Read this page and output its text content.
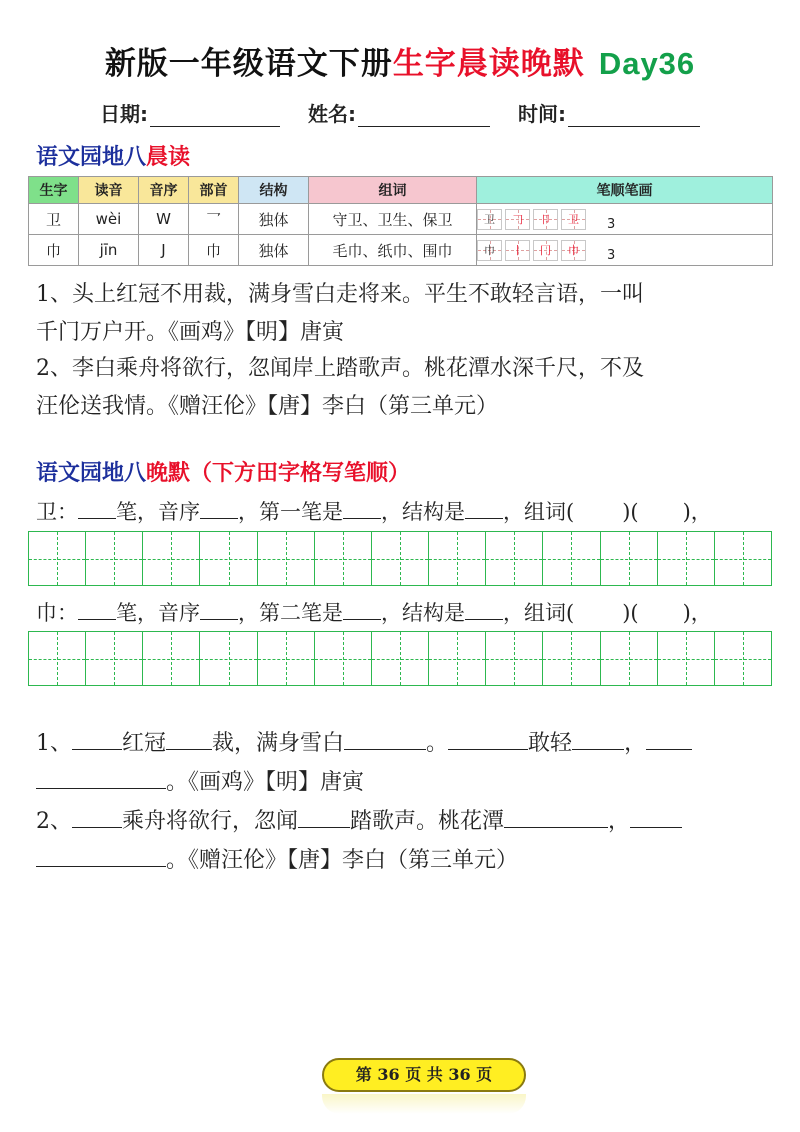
新版一年级语文下册生字晨读晚默 Day36
日期:	姓名:	时间:
语文园地八晨读
生字	读音	音序	部首	结构	组词	笔顺笔画
卫	wèi	W	乛	独体	守卫、卫生、保卫	卫 𠃌 卩 卫 3

巾	jīn	J	巾	独体	毛巾、纸巾、围巾	巾 丨 冂 巾 3
1、头上红冠不用裁，满身雪白走将来。平生不敢轻言语，一叫
千门万户开。《画鸡》【明】唐寅
2、李白乘舟将欲行，忽闻岸上踏歌声。桃花潭水深千尺，不及
汪伦送我情。《赠汪伦》【唐】李白（第三单元）
语文园地八晚默（下方田字格写笔顺）
卫： 笔，音序 ，第一笔是 ，结构是 ，组词( )( )，
巾： 笔，音序 ，第二笔是 ，结构是 ，组词( )( )，
1、 红冠 裁，满身雪白	。	敢轻 ，
。《画鸡》【明】唐寅
2、 乘舟将欲行，忽闻 踏歌声。桃花潭	，
。《赠汪伦》【唐】李白（第三单元）
第 36 页 共 36 页
